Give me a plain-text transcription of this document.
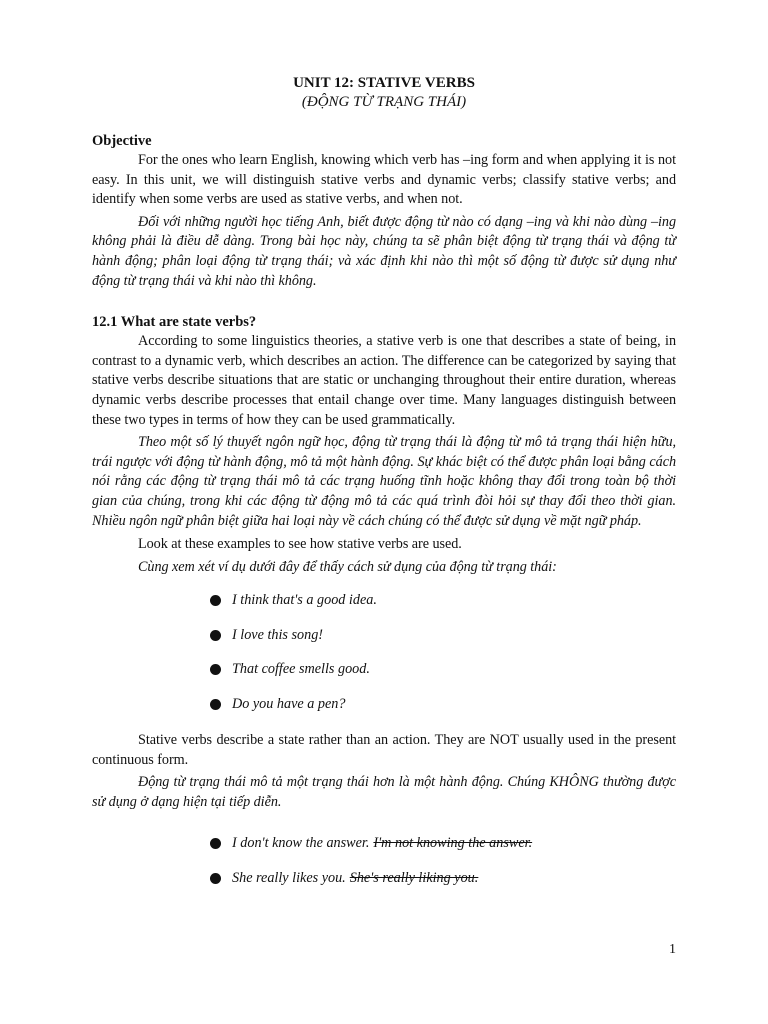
UNIT 12: STATIVE VERBS
(ĐỘNG TỪ TRẠNG THÁI)
Objective

For the ones who learn English, knowing which verb has –ing form and when applying it is not easy. In this unit, we will distinguish stative verbs and dynamic verbs; classify stative verbs; and identify when some verbs are used as stative verbs, and when not.

Đối với những người học tiếng Anh, biết được động từ nào có dạng –ing và khi nào dùng –ing không phải là điều dễ dàng. Trong bài học này, chúng ta sẽ phân biệt động từ trạng thái và động từ hành động; phân loại động từ trạng thái; và xác định khi nào thì một số động từ được sử dụng như động từ trạng thái và khi nào thì không.

12.1 What are state verbs?

According to some linguistics theories, a stative verb is one that describes a state of being, in contrast to a dynamic verb, which describes an action. The difference can be categorized by saying that stative verbs describe situations that are static or unchanging throughout their entire duration, whereas dynamic verbs describe processes that entail change over time. Many languages distinguish between these two types in terms of how they can be used grammatically.

Theo một số lý thuyết ngôn ngữ học, động từ trạng thái là động từ mô tả trạng thái hiện hữu, trái ngược với động từ hành động, mô tả một hành động. Sự khác biệt có thể được phân loại bằng cách nói rằng các động từ trạng thái mô tả các trạng huống tĩnh hoặc không thay đổi trong toàn bộ thời gian của chúng, trong khi các động từ động mô tả các quá trình đòi hỏi sự thay đổi theo thời gian. Nhiều ngôn ngữ phân biệt giữa hai loại này về cách chúng có thể được sử dụng về mặt ngữ pháp.

Look at these examples to see how stative verbs are used.

Cùng xem xét ví dụ dưới đây để thấy cách sử dụng của động từ trạng thái:

I think that's a good idea.
I love this song!
That coffee smells good.
Do you have a pen?

Stative verbs describe a state rather than an action. They are NOT usually used in the present continuous form.

Động từ trạng thái mô tả một trạng thái hơn là một hành động. Chúng KHÔNG thường được sử dụng ở dạng hiện tại tiếp diễn.

I don't know the answer. I'm not knowing the answer.
She really likes you. She's really liking you.
1
